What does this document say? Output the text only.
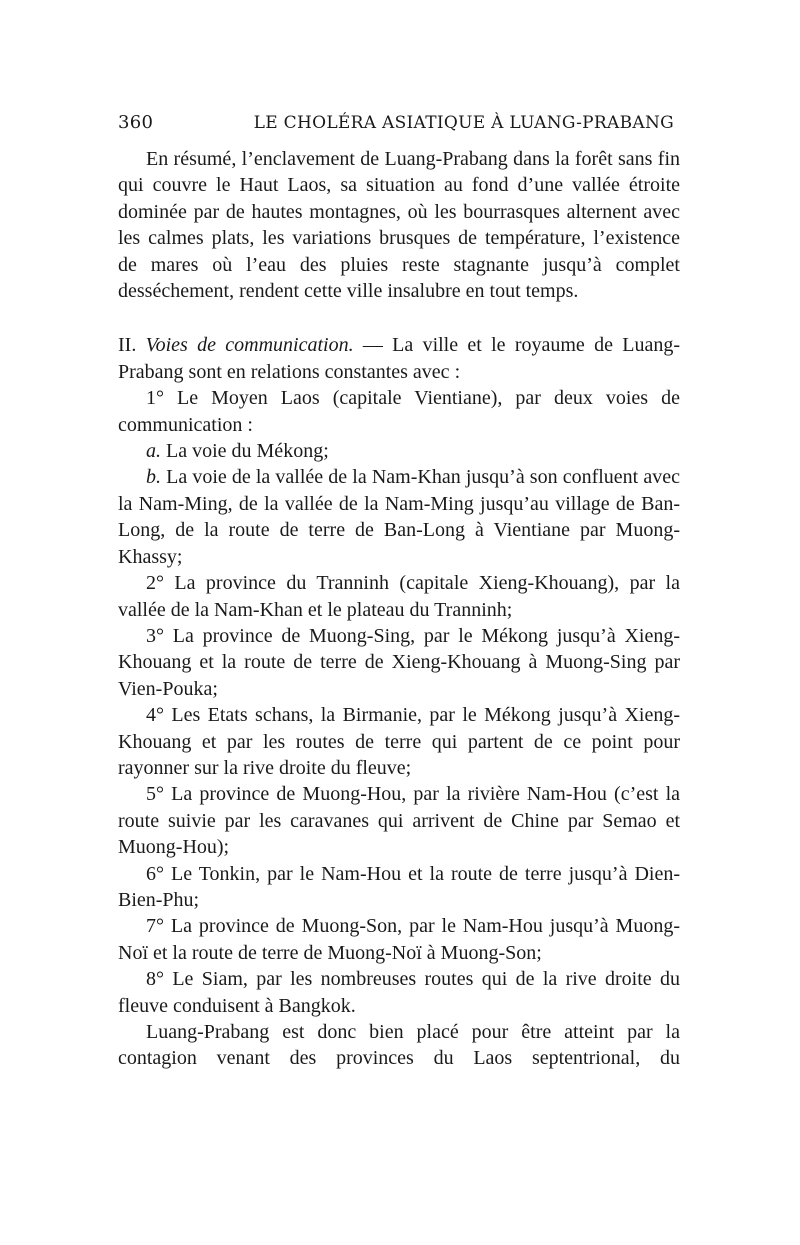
360	LE CHOLÉRA ASIATIQUE À LUANG-PRABANG

En résumé, l’enclavement de Luang-Prabang dans la forêt sans fin qui couvre le Haut Laos, sa situation au fond d’une vallée étroite dominée par de hautes montagnes, où les bourrasques alternent avec les calmes plats, les variations brusques de température, l’existence de mares où l’eau des pluies reste stagnante jusqu’à complet desséchement, rendent cette ville insalubre en tout temps.

II. Voies de communication. — La ville et le royaume de Luang-Prabang sont en relations constantes avec :

1° Le Moyen Laos (capitale Vientiane), par deux voies de communication :

a. La voie du Mékong;

b. La voie de la vallée de la Nam-Khan jusqu’à son confluent avec la Nam-Ming, de la vallée de la Nam-Ming jusqu’au village de Ban-Long, de la route de terre de Ban-Long à Vientiane par Muong-Khassy;

2° La province du Tranninh (capitale Xieng-Khouang), par la vallée de la Nam-Khan et le plateau du Tranninh;

3° La province de Muong-Sing, par le Mékong jusqu’à Xieng-Khouang et la route de terre de Xieng-Khouang à Muong-Sing par Vien-Pouka;

4° Les Etats schans, la Birmanie, par le Mékong jusqu’à Xieng-Khouang et par les routes de terre qui partent de ce point pour rayonner sur la rive droite du fleuve;

5° La province de Muong-Hou, par la rivière Nam-Hou (c’est la route suivie par les caravanes qui arrivent de Chine par Semao et Muong-Hou);

6° Le Tonkin, par le Nam-Hou et la route de terre jusqu’à Dien-Bien-Phu;

7° La province de Muong-Son, par le Nam-Hou jusqu’à Muong-Noï et la route de terre de Muong-Noï à Muong-Son;

8° Le Siam, par les nombreuses routes qui de la rive droite du fleuve conduisent à Bangkok.

Luang-Prabang est donc bien placé pour être atteint par la contagion venant des provinces du Laos septentrional, du
